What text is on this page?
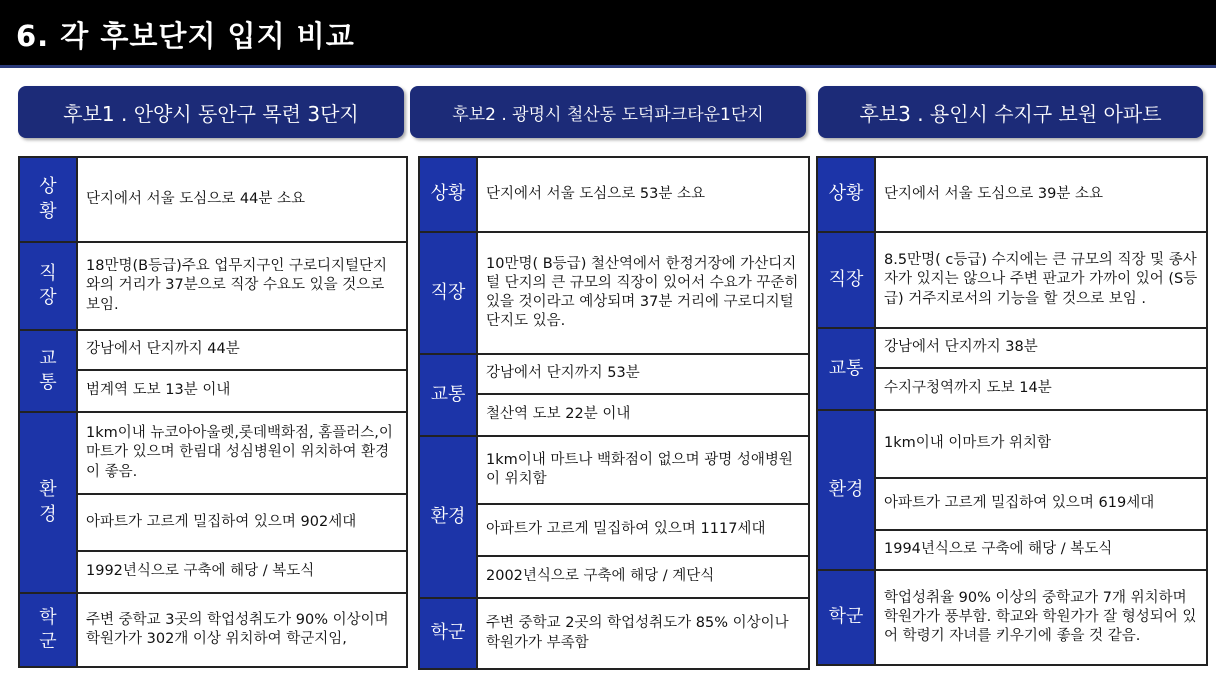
6. 각 후보단지 입지 비교
후보1 . 안양시 동안구 목련 3단지	후보2 . 광명시 철산동 도덕파크타운1단지	후보3 . 용인시 수지구 보원 아파트
상황
단지에서 서울 도심으로 44분 소요
직장
18만명(B등급)주요 업무지구인 구로디지털단지와의 거리가 37분으로 직장 수요도 있을 것으로 보임.
교통
강남에서 단지까지 44분
범계역 도보 13분 이내
환경
1km이내 뉴코아아울렛,롯데백화점, 홈플러스,이마트가 있으며 한림대 성심병원이 위치하여 환경이 좋음.
아파트가 고르게 밀집하여 있으며 902세대
1992년식으로 구축에 해당 / 복도식
학군
주변 중학교 3곳의 학업성취도가 90% 이상이며 학원가가 302개 이상 위치하여 학군지임,
상황 단지에서 서울 도심으로 53분 소요
직장
10만명( B등급) 철산역에서 한정거장에 가산디지털 단지의 큰 규모의 직장이 있어서 수요가 꾸준히 있을 것이라고 예상되며 37분 거리에 구로디지털 단지도 있음.
교통
강남에서 단지까지 53분
철산역 도보 22분 이내
환경
1km이내 마트나 백화점이 없으며 광명 성애병원이 위치함
아파트가 고르게 밀집하여 있으며 1117세대
2002년식으로 구축에 해당 / 계단식
학군 주변 중학교 2곳의 학업성취도가 85% 이상이나 학원가가 부족함
상황 단지에서 서울 도심으로 39분 소요
직장
8.5만명( c등급) 수지에는 큰 규모의 직장 및 종사자가 있지는 않으나 주변 판교가 가까이 있어 (S등급) 거주지로서의 기능을 할 것으로 보임 .
교통
강남에서 단지까지 38분
수지구청역까지 도보 14분
환경
1km이내 이마트가 위치함
아파트가 고르게 밀집하여 있으며 619세대
1994년식으로 구축에 해당 / 복도식
학군
학업성취율 90% 이상의 중학교가 7개 위치하며 학원가가 풍부함. 학교와 학원가가 잘 형성되어 있어 학령기 자녀를 키우기에 좋을 것 같음.
